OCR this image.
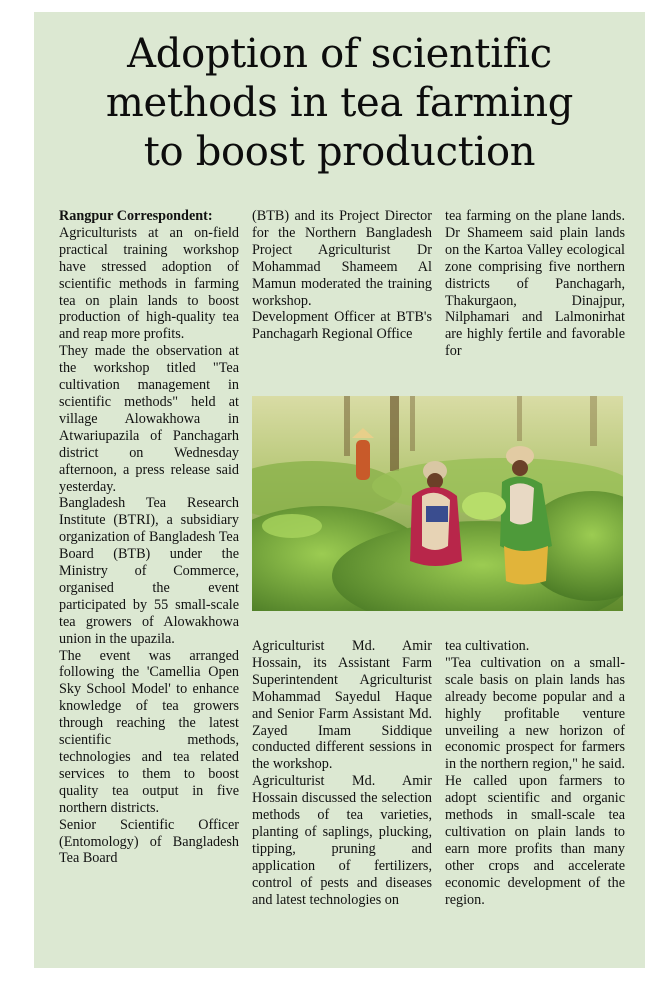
Adoption of scientific
methods in tea farming
to boost production

Rangpur Correspondent:

Agriculturists at an on-field practical training workshop have stressed adoption of scientific methods in farming tea on plain lands to boost production of high-quality tea and reap more profits.

They made the observation at the workshop titled "Tea cultivation management in scientific methods" held at village Alowakhowa in Atwariupazila of Panchagarh district on Wednesday afternoon, a press release said yesterday.

Bangladesh Tea Research Institute (BTRI), a subsidiary organization of Bangladesh Tea Board (BTB) under the Ministry of Commerce, organised the event participated by 55 small-scale tea growers of Alowakhowa union in the upazila.

The event was arranged following the 'Camellia Open Sky School Model' to enhance knowledge of tea growers through reaching the latest scientific methods, technologies and tea related services to them to boost quality tea output in five northern districts.

Senior Scientific Officer (Entomology) of Bangladesh Tea Board

(BTB) and its Project Director for the Northern Bangladesh Project Agriculturist Dr Mohammad Shameem Al Mamun moderated the training workshop.

Development Officer at BTB's Panchagarh Regional Office

tea farming on the plane lands. Dr Shameem said plain lands on the Kartoa Valley ecological zone comprising five northern districts of Panchagarh, Thakurgaon, Dinajpur, Nilphamari and Lalmonirhat are highly fertile and favorable for

Agriculturist Md. Amir Hossain, its Assistant Farm Superintendent Agriculturist Mohammad Sayedul Haque and Senior Farm Assistant Md. Zayed Imam Siddique conducted different sessions in the workshop.

Agriculturist Md. Amir Hossain discussed the selection methods of tea varieties, planting of saplings, plucking, tipping, pruning and application of fertilizers, control of pests and diseases and latest technologies on

tea cultivation.

"Tea cultivation on a small-scale basis on plain lands has already become popular and a highly profitable venture unveiling a new horizon of economic prospect for farmers in the northern region," he said. He called upon farmers to adopt scientific and organic methods in small-scale tea cultivation on plain lands to earn more profits than many other crops and accelerate economic development of the region.
